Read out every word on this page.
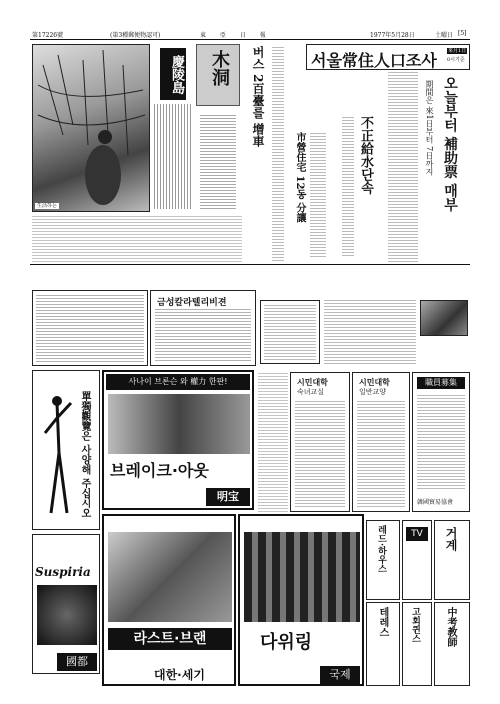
第17226號	(第3種郵便物認可)	東 亞 日 報	1977年5月28日	土曜日 [5]
生活하는
慶陵島 木洞 버스 2百臺를 增車
市營住宅 12동 分讓
서울常住人口조사 來月1日
0시기준
오늘부터 補助票 매부
期間은 來1日부터 7日까지
不正給水단속
금성칼라텔리비젼
單獨觀覽은 사양해 주십시오
사나이 브론슨 와 權力 한판!
브레이크·아웃
明宝
시민대학
숙녀교실
시민대학
일반교양
職員募集
韓國貿易協會
Suspiria
國都
라스트·브랜
대한·세기
다위링
국제
레드·하우스	TV	거계
中考教師
테레스 고회퀸스
